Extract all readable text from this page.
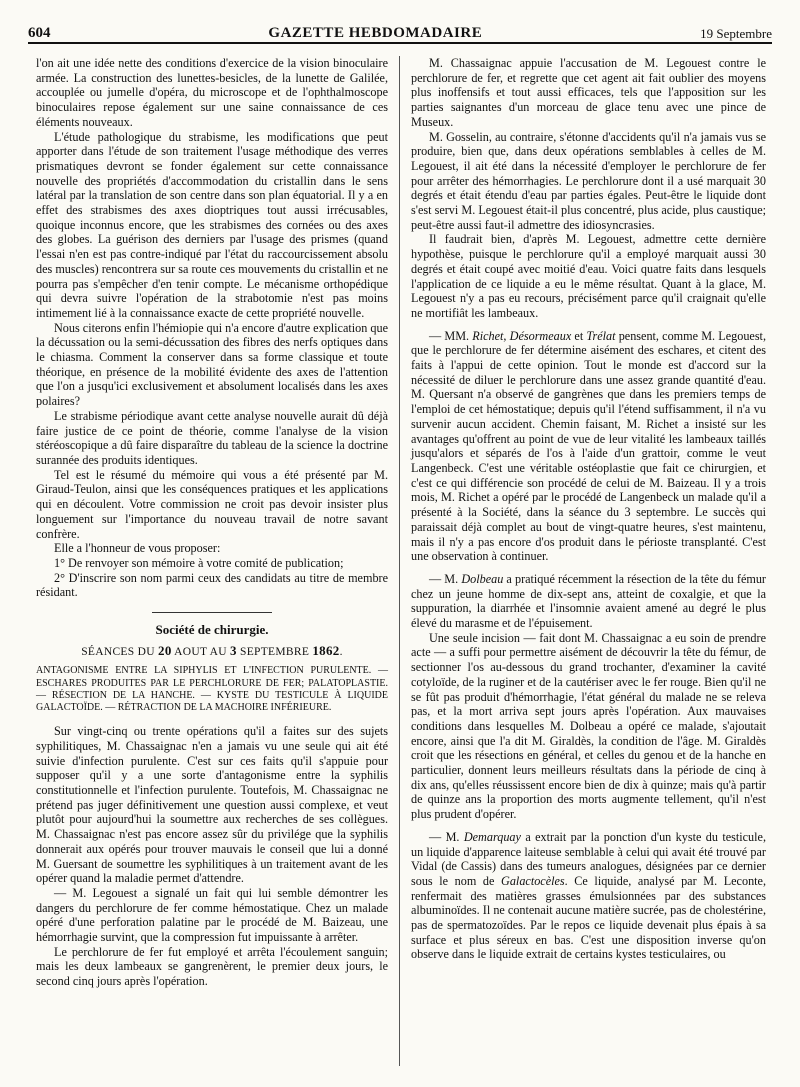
604	GAZETTE HEBDOMADAIRE	19 Septembre

l'on ait une idée nette des conditions d'exercice de la vision binoculaire armée. La construction des lunettes-besicles, de la lunette de Galilée, accouplée ou jumelle d'opéra, du microscope et de l'ophthalmoscope binoculaires repose également sur une saine connaissance de ces éléments nouveaux.

L'étude pathologique du strabisme, les modifications que peut apporter dans l'étude de son traitement l'usage méthodique des verres prismatiques devront se fonder également sur cette connaissance nouvelle des propriétés d'accommodation du cristallin dans le sens latéral par la translation de son centre dans son plan équatorial. Il y a en effet des strabismes des axes dioptriques tout aussi irrécusables, quoique inconnus encore, que les strabismes des cornées ou des axes des globes. La guérison des derniers par l'usage des prismes (quand l'essai n'en est pas contre-indiqué par l'état du raccourcissement absolu des muscles) rencontrera sur sa route ces mouvements du cristallin et ne pourra pas s'empêcher d'en tenir compte. Le mécanisme orthopédique qui devra suivre l'opération de la strabotomie n'est pas moins intimement lié à la connaissance exacte de cette propriété nouvelle.

Nous citerons enfin l'hémiopie qui n'a encore d'autre explication que la décussation ou la semi-décussation des fibres des nerfs optiques dans le chiasma. Comment la conserver dans sa forme classique et toute théorique, en présence de la mobilité évidente des axes de l'attention que l'on a jusqu'ici exclusivement et absolument localisés dans les axes polaires?

Le strabisme périodique avant cette analyse nouvelle aurait dû déjà faire justice de ce point de théorie, comme l'analyse de la vision stéréoscopique a dû faire disparaître du tableau de la science la doctrine surannée des produits identiques.

Tel est le résumé du mémoire qui vous a été présenté par M. Giraud-Teulon, ainsi que les conséquences pratiques et les applications qui en découlent. Votre commission ne croit pas devoir insister plus longuement sur l'importance du nouveau travail de notre savant confrère.

Elle a l'honneur de vous proposer:

1° De renvoyer son mémoire à votre comité de publication;

2° D'inscrire son nom parmi ceux des candidats au titre de membre résidant.

Société de chirurgie.
SÉANCES DU 20 AOUT AU 3 SEPTEMBRE 1862.
ANTAGONISME ENTRE LA SIPHYLIS ET L'INFECTION PURULENTE. — ESCHARES PRODUITES PAR LE PERCHLORURE DE FER; PALATOPLASTIE. — RÉSECTION DE LA HANCHE. — KYSTE DU TESTICULE À LIQUIDE GALACTOÏDE. — RÉTRACTION DE LA MACHOIRE INFÉRIEURE.

Sur vingt-cinq ou trente opérations qu'il a faites sur des sujets syphilitiques, M. Chassaignac n'en a jamais vu une seule qui ait été suivie d'infection purulente. C'est sur ces faits qu'il s'appuie pour supposer qu'il y a une sorte d'antagonisme entre la syphilis constitutionnelle et l'infection purulente. Toutefois, M. Chassaignac ne prétend pas juger définitivement une question aussi complexe, et veut plutôt pour aujourd'hui la soumettre aux recherches de ses collègues. M. Chassaignac n'est pas encore assez sûr du privilége que la syphilis donnerait aux opérés pour trouver mauvais le conseil que lui a donné M. Guersant de soumettre les syphilitiques à un traitement avant de les opérer quand la maladie permet d'attendre.

— M. Legouest a signalé un fait qui lui semble démontrer les dangers du perchlorure de fer comme hémostatique. Chez un malade opéré d'une perforation palatine par le procédé de M. Baizeau, une hémorrhagie survint, que la compression fut impuissante à arrêter.

Le perchlorure de fer fut employé et arrêta l'écoulement sanguin; mais les deux lambeaux se gangrenèrent, le premier deux jours, le second cinq jours après l'opération.

M. Chassaignac appuie l'accusation de M. Legouest contre le perchlorure de fer, et regrette que cet agent ait fait oublier des moyens plus inoffensifs et tout aussi efficaces, tels que l'apposition sur les parties saignantes d'un morceau de glace tenu avec une pince de Museux.

M. Gosselin, au contraire, s'étonne d'accidents qu'il n'a jamais vus se produire, bien que, dans deux opérations semblables à celles de M. Legouest, il ait été dans la nécessité d'employer le perchlorure de fer pour arrêter des hémorrhagies. Le perchlorure dont il a usé marquait 30 degrés et était étendu d'eau par parties égales. Peut-être le liquide dont s'est servi M. Legouest était-il plus concentré, plus acide, plus caustique; peut-être aussi faut-il admettre des idiosyncrasies.

Il faudrait bien, d'après M. Legouest, admettre cette dernière hypothèse, puisque le perchlorure qu'il a employé marquait aussi 30 degrés et était coupé avec moitié d'eau. Voici quatre faits dans lesquels l'application de ce liquide a eu le même résultat. Quant à la glace, M. Legouest n'y a pas eu recours, précisément parce qu'il craignait qu'elle ne mortifiât les lambeaux.

— MM. Richet, Désormeaux et Trélat pensent, comme M. Legouest, que le perchlorure de fer détermine aisément des eschares, et citent des faits à l'appui de cette opinion. Tout le monde est d'accord sur la nécessité de diluer le perchlorure dans une assez grande quantité d'eau. M. Quersant n'a observé de gangrènes que dans les premiers temps de l'emploi de cet hémostatique; depuis qu'il l'étend suffisamment, il n'a vu survenir aucun accident. Chemin faisant, M. Richet a insisté sur les avantages qu'offrent au point de vue de leur vitalité les lambeaux taillés jusqu'alors et séparés de l'os à l'aide d'un grattoir, comme le veut Langenbeck. C'est une véritable ostéoplastie que fait ce chirurgien, et c'est ce qui différencie son procédé de celui de M. Baizeau. Il y a trois mois, M. Richet a opéré par le procédé de Langenbeck un malade qu'il a présenté à la Société, dans la séance du 3 septembre. Le succès qui paraissait déjà complet au bout de vingt-quatre heures, s'est maintenu, mais il n'y a pas encore d'os produit dans le périoste transplanté. C'est une observation à continuer.

— M. Dolbeau a pratiqué récemment la résection de la tête du fémur chez un jeune homme de dix-sept ans, atteint de coxalgie, et que la suppuration, la diarrhée et l'insomnie avaient amené au degré le plus élevé du marasme et de l'épuisement.

Une seule incision — fait dont M. Chassaignac a eu soin de prendre acte — a suffi pour permettre aisément de découvrir la tête du fémur, de sectionner l'os au-dessous du grand trochanter, d'examiner la cavité cotyloïde, de la ruginer et de la cautériser avec le fer rouge. Bien qu'il ne se fût pas produit d'hémorrhagie, l'état général du malade ne se releva pas, et la mort arriva sept jours après l'opération. Aux mauvaises conditions dans lesquelles M. Dolbeau a opéré ce malade, s'ajoutait encore, ainsi que l'a dit M. Giraldès, la condition de l'âge. M. Giraldès croit que les résections en général, et celles du genou et de la hanche en particulier, donnent leurs meilleurs résultats dans la période de cinq à dix ans, qu'elles réussissent encore bien de dix à quinze; mais qu'à partir de quinze ans la proportion des morts augmente tellement, qu'il n'est plus prudent d'opérer.

— M. Demarquay a extrait par la ponction d'un kyste du testicule, un liquide d'apparence laiteuse semblable à celui qui avait été trouvé par Vidal (de Cassis) dans des tumeurs analogues, désignées par ce dernier sous le nom de Galactocèles. Ce liquide, analysé par M. Leconte, renfermait des matières grasses émulsionnées par des substances albuminoïdes. Il ne contenait aucune matière sucrée, pas de cholestérine, pas de spermatozoïdes. Par le repos ce liquide devenait plus épais à sa surface et plus séreux en bas. C'est une disposition inverse qu'on observe dans le liquide extrait de certains kystes testiculaires, ou
